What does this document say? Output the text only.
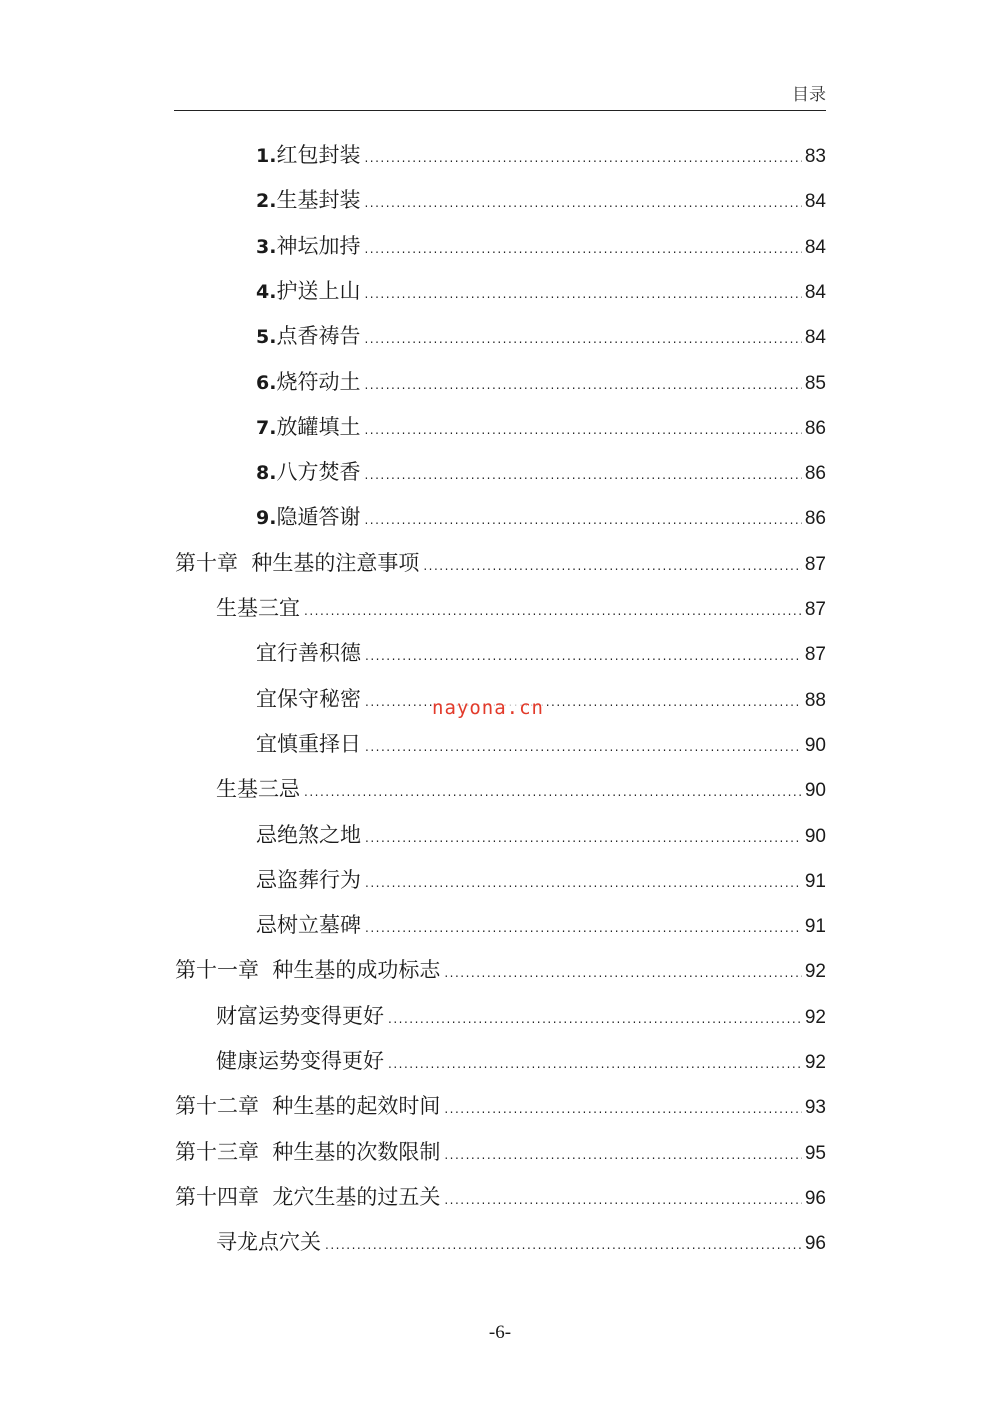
目录
1.红包封装 .....	83
2.生基封装 .....	84
3.神坛加持 .....	84
4.护送上山 .....	84
5.点香祷告 .....	84
6.烧符动土 .....	85
7.放罐填土 .....	86
8.八方焚香 .....	86
9.隐遁答谢 .....	86
第十章  种生基的注意事项 .....	87
生基三宜 .....	87
宜行善积德 .....	87
宜保守秘密 .....	88
宜慎重择日 .....	90
生基三忌 .....	90
忌绝煞之地 .....	90
忌盗葬行为 .....	91
忌树立墓碑 .....	91
第十一章  种生基的成功标志 .....	92
财富运势变得更好 .....	92
健康运势变得更好 .....	92
第十二章  种生基的起效时间 .....	93
第十三章  种生基的次数限制 .....	95
第十四章  龙穴生基的过五关 .....	96
寻龙点穴关 .....	96
nayona.cn
-6-
